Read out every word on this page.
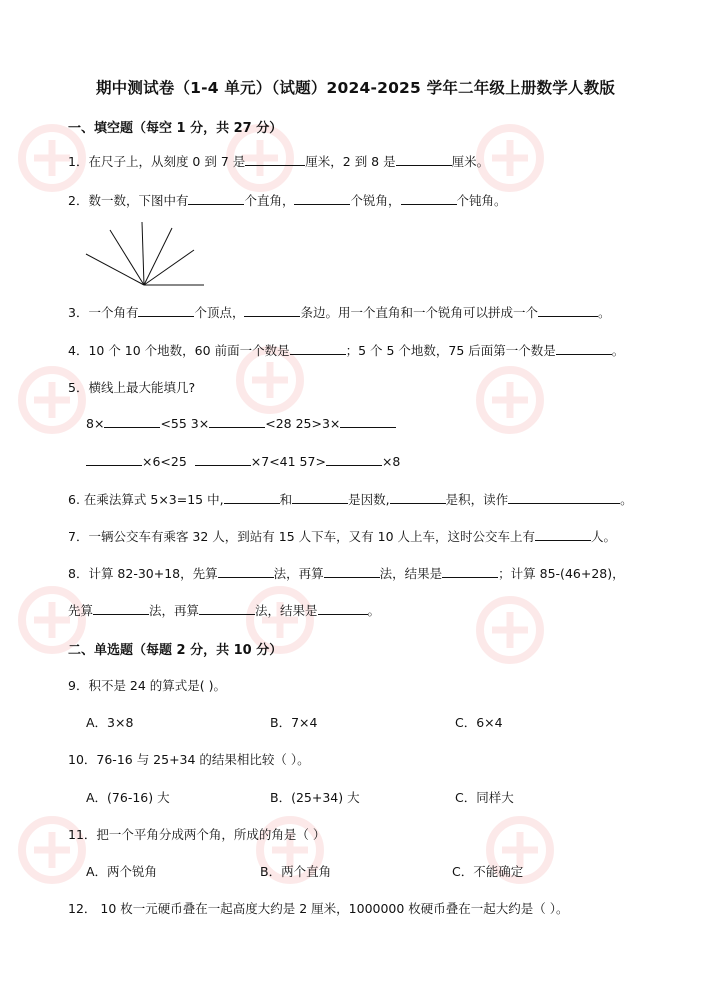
期中测试卷（1-4 单元）（试题）2024-2025 学年二年级上册数学人教版
一、填空题（每空 1 分，共 27 分）
1．在尺子上，从刻度 0 到 7 是	厘米，2 到 8 是	厘米。
2．数一数，下图中有	个直角，	个锐角，	个钝角。
3．一个角有	个顶点，	条边。用一个直角和一个锐角可以拼成一个	。
4．10 个 10 个地数，60 前面一个数是	；5 个 5 个地数，75 后面第一个数是	。
5．横线上最大能填几?
8×	<55 3×	<28 25>3×
×6<25	×7<41 57>	×8
6. 在乘法算式 5×3=15 中,	和	是因数,	是积，读作	。
7．一辆公交车有乘客 32 人，到站有 15 人下车，又有 10 人上车，这时公交车上有	人。
8．计算 82-30+18，先算	法，再算	法，结果是	；计算 85-(46+28)，
先算	法，再算	法，结果是	。
二、单选题（每题 2 分，共 10 分）
9．积不是 24 的算式是( )。
A．3×8	B．7×4	C．6×4
10．76-16 与 25+34 的结果相比较（ ）。
A．(76-16) 大	B．(25+34) 大	C．同样大
11．把一个平角分成两个角，所成的角是（ ）
A．两个锐角	B．两个直角	C．不能确定
12． 10 枚一元硬币叠在一起高度大约是 2 厘米，1000000 枚硬币叠在一起大约是（ ）。
